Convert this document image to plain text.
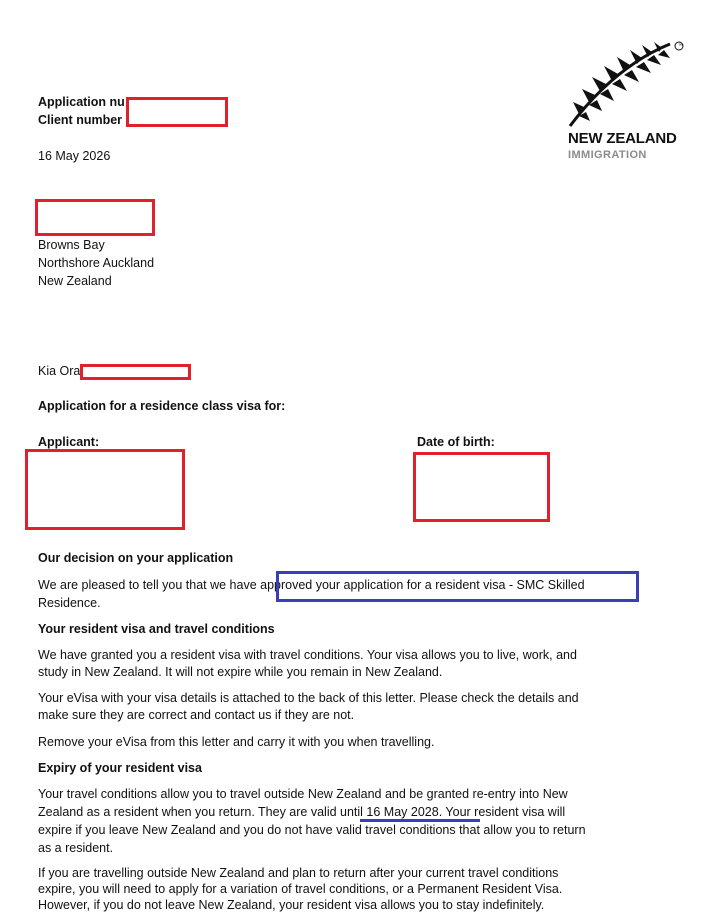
Application nu
Client number
16 May 2026
™
NEW ZEALAND
IMMIGRATION
Browns Bay
Northshore Auckland
New Zealand
Kia Ora
Application for a residence class visa for:
Applicant:	Date of birth:
Our decision on your application
We are pleased to tell you that we have approved your application for a resident visa - SMC Skilled
Residence.
Your resident visa and travel conditions
We have granted you a resident visa with travel conditions. Your visa allows you to live, work, and
study in New Zealand. It will not expire while you remain in New Zealand.
Your eVisa with your visa details is attached to the back of this letter. Please check the details and
make sure they are correct and contact us if they are not.
Remove your eVisa from this letter and carry it with you when travelling.
Expiry of your resident visa
Your travel conditions allow you to travel outside New Zealand and be granted re-entry into New
Zealand as a resident when you return. They are valid until 16 May 2028. Your resident visa will
expire if you leave New Zealand and you do not have valid travel conditions that allow you to return
as a resident.
If you are travelling outside New Zealand and plan to return after your current travel conditions
expire, you will need to apply for a variation of travel conditions, or a Permanent Resident Visa.
However, if you do not leave New Zealand, your resident visa allows you to stay indefinitely.
